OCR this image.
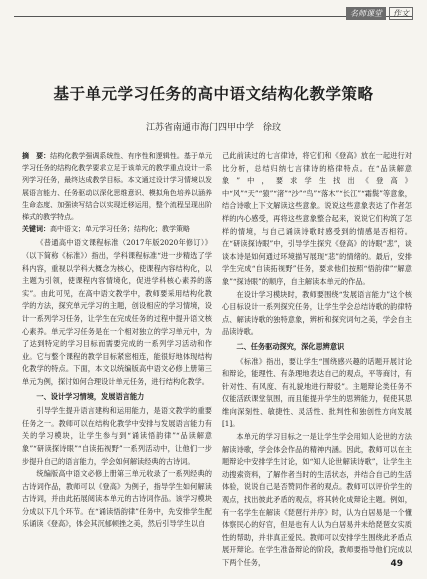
名师课堂	作文
基于单元学习任务的高中语文结构化教学策略
江苏省南通市海门四甲中学　徐玟
摘　要：结构化教学强调系统性、有序性和逻辑性。基于单元学习任务的结构化教学要求立足于该单元的教学重点设计一系列学习任务，最终达成教学目标。本文通过设计学习情境以发展语言能力、任务驱动以深化思维意识、模拟角色培养以涵养生命态度、加强读写结合以实现迁移运用，整个流程呈现出阶梯式的教学特点。
关键词：高中语文；单元学习任务；结构化；教学策略

《普通高中语文课程标准（2017年版2020年修订）》（以下简称《标准》）指出，学科课程标准“进一步精选了学科内容，重视以学科大概念为核心，使课程内容结构化，以主题为引领，使课程内容情境化，促进学科核心素养的落实”。由此可见，在高中语文教学中，教师要采用结构化教学的方法，探究单元学习的主题，创设相应的学习情境，设计一系列学习任务，让学生在完成任务的过程中提升语文核心素养。单元学习任务是在一个相对独立的学习单元中，为了达到特定的学习目标而需要完成的一系列学习活动和作业。它与整个课程的教学目标紧密相连，能很好地体现结构化教学的特点。下面，本文以统编版高中语文必修上册第三单元为例，探讨如何合理设计单元任务，进行结构化教学。

一、设计学习情境，发展语言能力

引导学生提升语言建构和运用能力，是语文教学的重要任务之一。教师可以在结构化教学中安排与发展语言能力有关的学习模块，让学生参与到“诵读悟韵律”“品读解意象”“研读探诗眼”“自读拓视野”一系列活动中，让他们一步步提升自己的语言能力，学会如何解读经典的古诗词。

统编版高中语文必修上册第三单元收录了一系列经典的古诗词作品，教师可以《登高》为例子，指导学生如何解读古诗词，并由此拓展阅读本单元的古诗词作品。该学习模块分成以下几个环节。在“诵读悟韵律”任务中，先安排学生配乐诵读《登高》，体会其沉郁顿挫之美，然后引导学生以自

己此前读过的七言律诗，将它们和《登高》放在一起进行对比分析，总结归纳七言律诗的格律特点。在“品读解意象”中，要求学生找出《登高》中“风”“天”“猿”“渚”“沙”“鸟”“落木”“长江”“霜鬓”等意象，结合诗歌上下文解读这些意象。说说这些意象表达了作者怎样的内心感受，再将这些意象整合起来，说说它们构筑了怎样的情境，与自己诵读诗歌时感受到的情感是否相符。在“研读探诗眼”中，引导学生探究《登高》的诗眼“悲”，谈谈本诗是如何通过环境描写展现“悲”的情绪的。最后，安排学生完成“自读拓视野”任务，要求他们按照“悟韵律”“解意象”“探诗眼”的顺序，自主解读本单元的作品。

在设计学习模块时，教师要围绕“发展语言能力”这个核心目标设计一系列探究任务，让学生学会总结诗歌的韵律特点、解读诗歌的独特意象，辨析和探究词句之美，学会自主品读诗歌。

二、任务驱动探究，深化思辨意识

《标准》指出，要让学生“围绕感兴趣的话题开展讨论和辩论，能理性、有条理地表达自己的观点，平等商讨，有针对性、有风度、有礼貌地进行辩驳”。主题辩论类任务不仅能活跃课堂氛围，而且能提升学生的思辨能力，促使其思维向深刻性、敏捷性、灵活性、批判性和独创性方向发展[1]。

本单元的学习目标之一是让学生学会用知人论世的方法解读诗歌，学会体会作品的精神内涵。因此，教师可以在主题辩论中安排学生讨论，如“知人论世解读诗歌”，让学生主动搜索资料，了解作者当时的生活状态，并结合自己的生活体验，说说自己是否赞同作者的观点。教师可以评价学生的观点，找出彼此矛盾的观点，将其转化成辩论主题。例如，有一名学生在解读《琵琶行并序》时，认为白居易是一个懂体察民心的好官，但是也有人认为白居易并未给琵琶女实质性的帮助，并非真正爱民。教师可以安排学生围绕此矛盾点展开辩论。在学生准备辩论的阶段，教师要指导他们完成以下两个任务，	49
